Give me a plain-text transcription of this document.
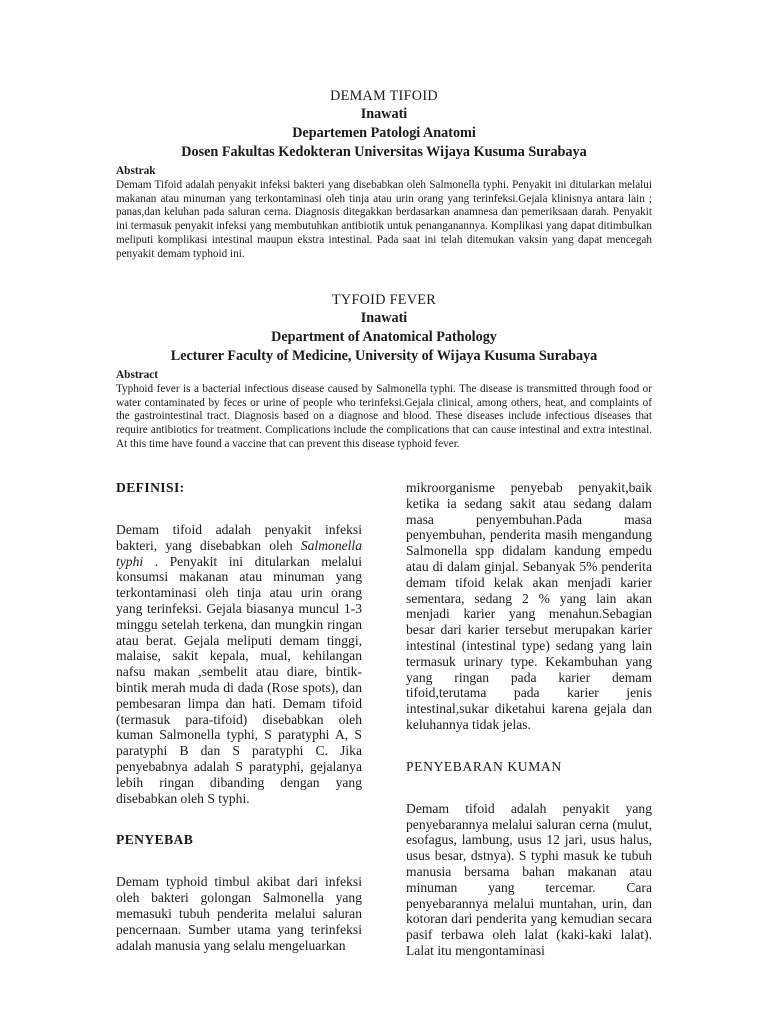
DEMAM TIFOID
Inawati
Departemen Patologi Anatomi
Dosen Fakultas Kedokteran Universitas Wijaya Kusuma Surabaya
Abstrak
Demam Tifoid adalah penyakit infeksi bakteri yang disebabkan oleh Salmonella typhi. Penyakit ini ditularkan melalui makanan atau minuman yang terkontaminasi oleh tinja atau urin orang yang terinfeksi.Gejala klinisnya antara lain ; panas,dan keluhan pada saluran cerna. Diagnosis ditegakkan berdasarkan anamnesa dan pemeriksaan darah. Penyakit ini termasuk penyakit infeksi yang membutuhkan antibiotik untuk penanganannya. Komplikasi yang dapat ditimbulkan meliputi komplikasi intestinal maupun ekstra intestinal. Pada saat ini telah ditemukan vaksin yang dapat mencegah penyakit demam typhoid ini.
TYFOID FEVER
Inawati
Department of Anatomical Pathology
Lecturer Faculty of Medicine, University of Wijaya Kusuma Surabaya
Abstract
Typhoid fever is a bacterial infectious disease caused by Salmonella typhi. The disease is transmitted through food or water contaminated by feces or urine of people who terinfeksi.Gejala clinical, among others, heat, and complaints of the gastrointestinal tract. Diagnosis based on a diagnose and blood. These diseases include infectious diseases that require antibiotics for treatment. Complications include the complications that can cause intestinal and extra intestinal. At this time have found a vaccine that can prevent this disease typhoid fever.
DEFINISI:

Demam tifoid adalah penyakit infeksi bakteri, yang disebabkan oleh Salmonella typhi . Penyakit ini ditularkan melalui konsumsi makanan atau minuman yang terkontaminasi oleh tinja atau urin orang yang terinfeksi. Gejala biasanya muncul 1-3 minggu setelah terkena, dan mungkin ringan atau berat. Gejala meliputi demam tinggi, malaise, sakit kepala, mual, kehilangan nafsu makan ,sembelit atau diare, bintik-bintik merah muda di dada (Rose spots), dan pembesaran limpa dan hati. Demam tifoid (termasuk para-tifoid) disebabkan oleh kuman Salmonella typhi, S paratyphi A, S paratyphi B dan S paratyphi C. Jika penyebabnya adalah S paratyphi, gejalanya lebih ringan dibanding dengan yang disebabkan oleh S typhi.

PENYEBAB

Demam typhoid timbul akibat dari infeksi oleh bakteri golongan Salmonella yang memasuki tubuh penderita melalui saluran pencernaan. Sumber utama yang terinfeksi adalah manusia yang selalu mengeluarkan

mikroorganisme penyebab penyakit,baik ketika ia sedang sakit atau sedang dalam masa penyembuhan.Pada masa penyembuhan, penderita masih mengandung Salmonella spp didalam kandung empedu atau di dalam ginjal. Sebanyak 5% penderita demam tifoid kelak akan menjadi karier sementara, sedang 2 % yang lain akan menjadi karier yang menahun.Sebagian besar dari karier tersebut merupakan karier intestinal (intestinal type) sedang yang lain termasuk urinary type. Kekambuhan yang yang ringan pada karier demam tifoid,terutama pada karier jenis intestinal,sukar diketahui karena gejala dan keluhannya tidak jelas.

PENYEBARAN KUMAN

Demam tifoid adalah penyakit yang penyebarannya melalui saluran cerna (mulut, esofagus, lambung, usus 12 jari, usus halus, usus besar, dstnya). S typhi masuk ke tubuh manusia bersama bahan makanan atau minuman yang tercemar. Cara penyebarannya melalui muntahan, urin, dan kotoran dari penderita yang kemudian secara pasif terbawa oleh lalat (kaki-kaki lalat). Lalat itu mengontaminasi
